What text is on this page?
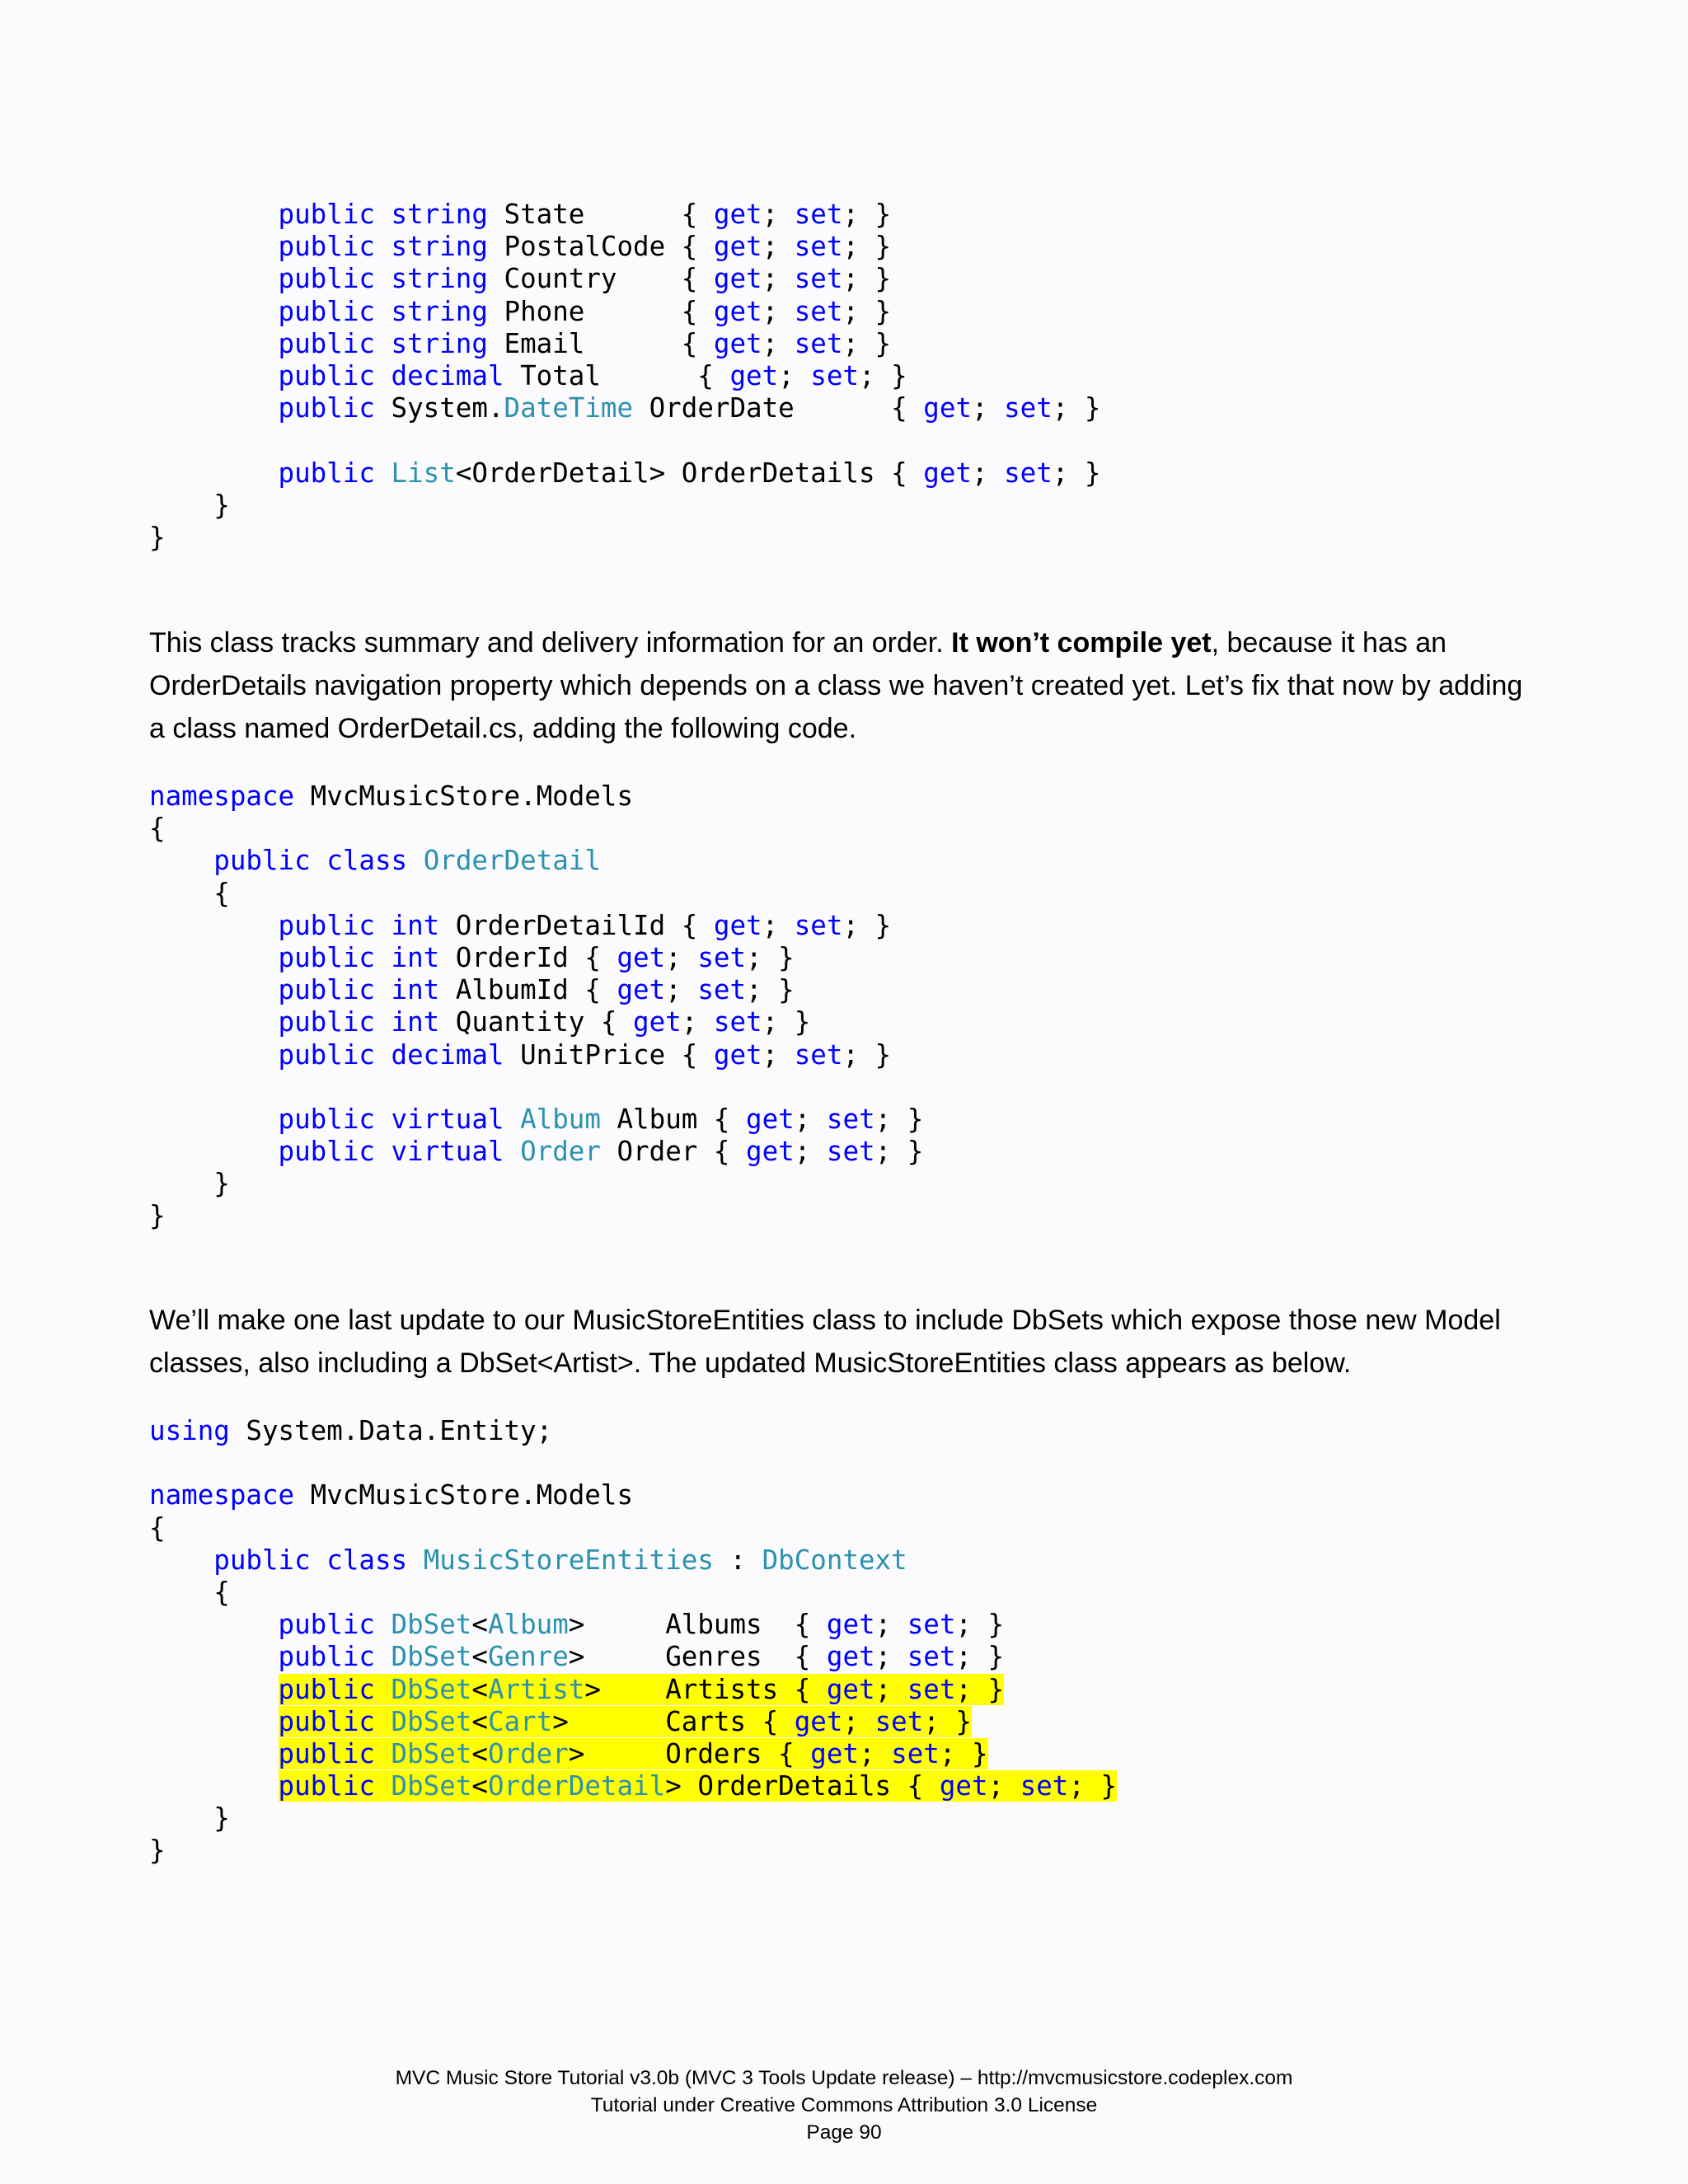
public string State      { get; set; }
public string PostalCode { get; set; }
public string Country    { get; set; }
public string Phone      { get; set; }
public string Email      { get; set; }
public decimal Total      { get; set; }
public System.DateTime OrderDate      { get; set; }

public List<OrderDetail> OrderDetails { get; set; }
}
}

This class tracks summary and delivery information for an order. It won’t compile yet, because it has an OrderDetails navigation property which depends on a class we haven’t created yet. Let’s fix that now by adding a class named OrderDetail.cs, adding the following code.

namespace MvcMusicStore.Models
{
public class OrderDetail
{
public int OrderDetailId { get; set; }
public int OrderId { get; set; }
public int AlbumId { get; set; }
public int Quantity { get; set; }
public decimal UnitPrice { get; set; }

public virtual Album Album { get; set; }
public virtual Order Order { get; set; }
}
}

We’ll make one last update to our MusicStoreEntities class to include DbSets which expose those new Model classes, also including a DbSet<Artist>. The updated MusicStoreEntities class appears as below.

using System.Data.Entity;

namespace MvcMusicStore.Models
{
public class MusicStoreEntities : DbContext
{
public DbSet<Album>     Albums  { get; set; }
public DbSet<Genre>     Genres  { get; set; }
public DbSet<Artist>    Artists { get; set; }
public DbSet<Cart>      Carts { get; set; }
public DbSet<Order>     Orders { get; set; }
public DbSet<OrderDetail> OrderDetails { get; set; }
}
}
MVC Music Store Tutorial v3.0b (MVC 3 Tools Update release) – http://mvcmusicstore.codeplex.com
Tutorial under Creative Commons Attribution 3.0 License
Page 90
